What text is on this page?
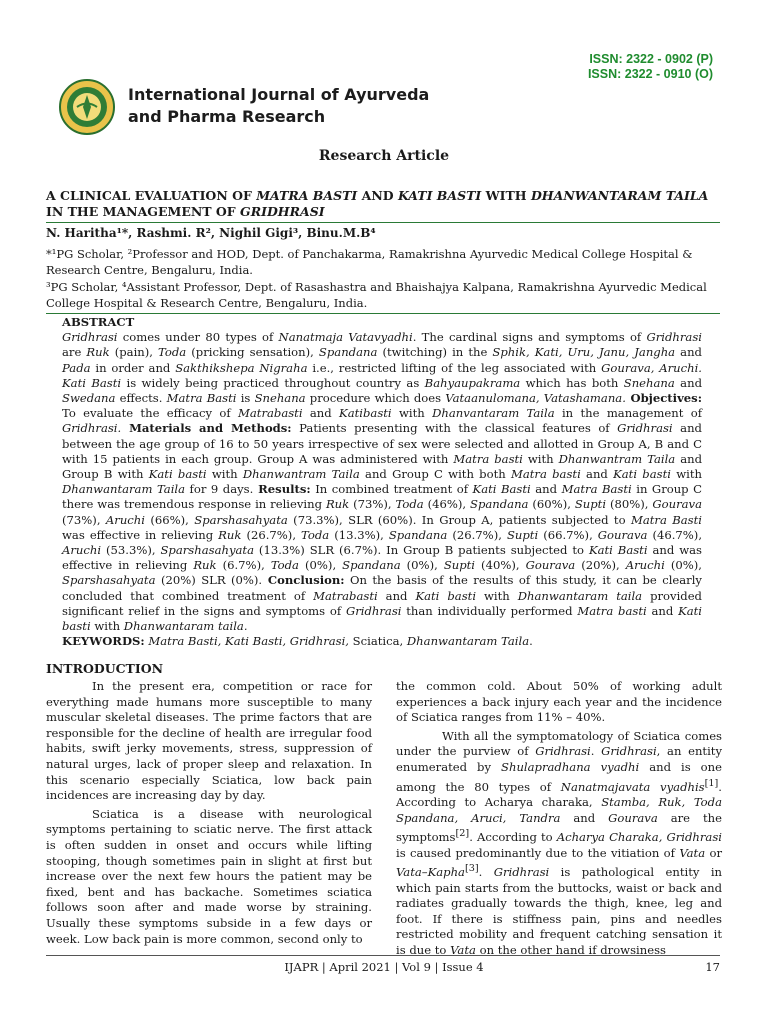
ISSN: 2322 - 0902 (P)
ISSN: 2322 - 0910 (O)
International Journal of Ayurveda
and Pharma Research
Research Article
A CLINICAL EVALUATION OF MATRA BASTI AND KATI BASTI WITH DHANWANTARAM TAILA IN THE MANAGEMENT OF GRIDHRASI
N. Haritha¹*, Rashmi. R², Nighil Gigi³, Binu.M.B⁴
*¹PG Scholar, ²Professor and HOD, Dept. of Panchakarma, Ramakrishna Ayurvedic Medical College Hospital & Research Centre, Bengaluru, India.
³PG Scholar, ⁴Assistant Professor, Dept. of Rasashastra and Bhaishajya Kalpana, Ramakrishna Ayurvedic Medical College Hospital & Research Centre, Bengaluru, India.
ABSTRACT
Gridhrasi comes under 80 types of Nanatmaja Vatavyadhi. The cardinal signs and symptoms of Gridhrasi are Ruk (pain), Toda (pricking sensation), Spandana (twitching) in the Sphik, Kati, Uru, Janu, Jangha and Pada in order and Sakthikshepa Nigraha i.e., restricted lifting of the leg associated with Gourava, Aruchi. Kati Basti is widely being practiced throughout country as Bahyaupakrama which has both Snehana and Swedana effects. Matra Basti is Snehana procedure which does Vataanulomana, Vatashamana. Objectives: To evaluate the efficacy of Matrabasti and Katibasti with Dhanvantaram Taila in the management of Gridhrasi. Materials and Methods: Patients presenting with the classical features of Gridhrasi and between the age group of 16 to 50 years irrespective of sex were selected and allotted in Group A, B and C with 15 patients in each group. Group A was administered with Matra basti with Dhanwantram Taila and Group B with Kati basti with Dhanwantram Taila and Group C with both Matra basti and Kati basti with Dhanwantaram Taila for 9 days. Results: In combined treatment of Kati Basti and Matra Basti in Group C there was tremendous response in relieving Ruk (73%), Toda (46%), Spandana (60%), Supti (80%), Gourava (73%), Aruchi (66%), Sparshasahyata (73.3%), SLR (60%). In Group A, patients subjected to Matra Basti was effective in relieving Ruk (26.7%), Toda (13.3%), Spandana (26.7%), Supti (66.7%), Gourava (46.7%), Aruchi (53.3%), Sparshasahyata (13.3%) SLR (6.7%). In Group B patients subjected to Kati Basti and was effective in relieving Ruk (6.7%), Toda (0%), Spandana (0%), Supti (40%), Gourava (20%), Aruchi (0%), Sparshasahyata (20%) SLR (0%). Conclusion: On the basis of the results of this study, it can be clearly concluded that combined treatment of Matrabasti and Kati basti with Dhanwantaram taila provided significant relief in the signs and symptoms of Gridhrasi than individually performed Matra basti and Kati basti with Dhanwantaram taila.
KEYWORDS: Matra Basti, Kati Basti, Gridhrasi, Sciatica, Dhanwantaram Taila.
INTRODUCTION

In the present era, competition or race for everything made humans more susceptible to many muscular skeletal diseases. The prime factors that are responsible for the decline of health are irregular food habits, swift jerky movements, stress, suppression of natural urges, lack of proper sleep and relaxation. In this scenario especially Sciatica, low back pain incidences are increasing day by day.

Sciatica is a disease with neurological symptoms pertaining to sciatic nerve. The first attack is often sudden in onset and occurs while lifting stooping, though sometimes pain in slight at first but increase over the next few hours the patient may be fixed, bent and has backache. Sometimes sciatica follows soon after and made worse by straining. Usually these symptoms subside in a few days or week. Low back pain is more common, second only to

the common cold. About 50% of working adult experiences a back injury each year and the incidence of Sciatica ranges from 11% – 40%.

With all the symptomatology of Sciatica comes under the purview of Gridhrasi. Gridhrasi, an entity enumerated by Shulapradhana vyadhi and is one among the 80 types of Nanatmajavata vyadhis[1]. According to Acharya charaka, Stamba, Ruk, Toda Spandana, Aruci, Tandra and Gourava are the symptoms[2]. According to Acharya Charaka, Gridhrasi is caused predominantly due to the vitiation of Vata or Vata–Kapha[3]. Gridhrasi is pathological entity in which pain starts from the buttocks, waist or back and radiates gradually towards the thigh, knee, leg and foot. If there is stiffness pain, pins and needles restricted mobility and frequent catching sensation it is due to Vata on the other hand if drowsiness

IJAPR | April 2021 | Vol 9 | Issue 4	17
